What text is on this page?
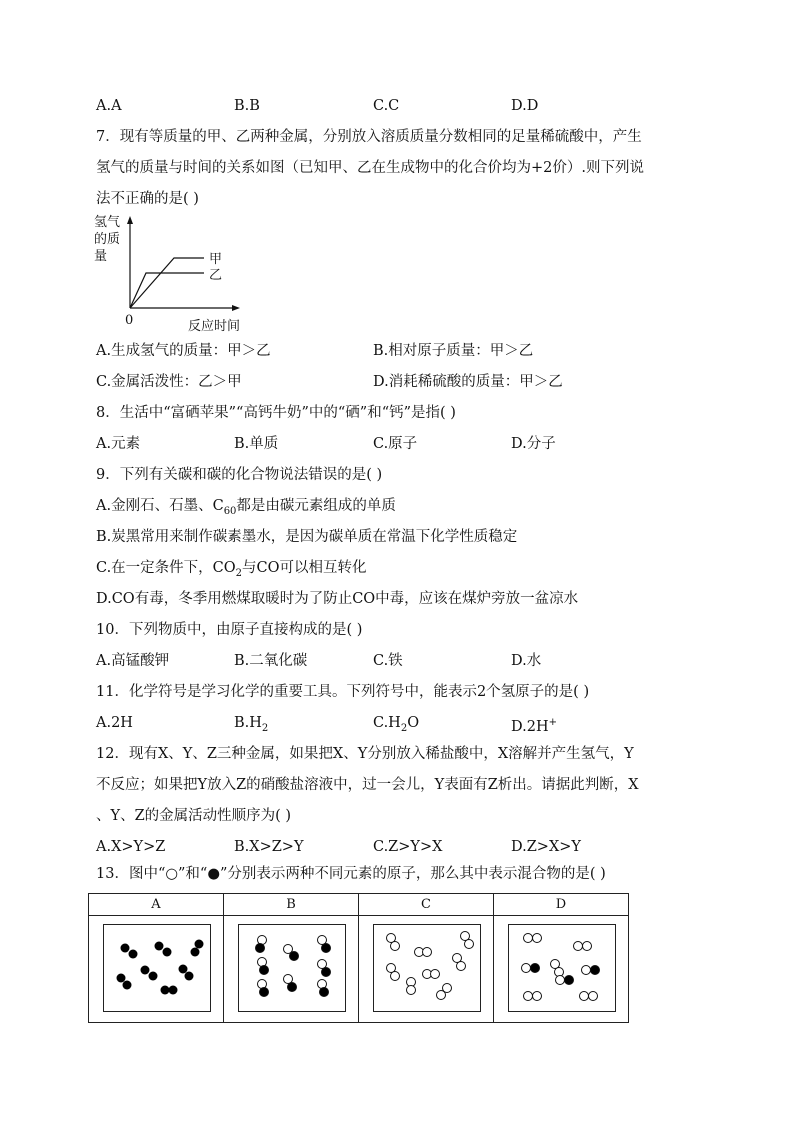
A.A	B.B	C.C	D.D
7．现有等质量的甲、乙两种金属，分别放入溶质质量分数相同的足量稀硫酸中，产生
氢气的质量与时间的关系如图（已知甲、乙在生成物中的化合价均为+2价）.则下列说
法不正确的是( )
氢气
的质
量	甲
乙
0	反应时间
A.生成氢气的质量：甲＞乙	B.相对原子质量：甲＞乙
C.金属活泼性：乙＞甲	D.消耗稀硫酸的质量：甲＞乙
8．生活中“富硒苹果”“高钙牛奶”中的“硒”和“钙”是指( )
A.元素	B.单质	C.原子	D.分子
9．下列有关碳和碳的化合物说法错误的是( )
A.金刚石、石墨、$C_{60}$都是由碳元素组成的单质
B.炭黑常用来制作碳素墨水，是因为碳单质在常温下化学性质稳定
C.在一定条件下，$CO_2$与CO可以相互转化
D.CO有毒，冬季用燃煤取暖时为了防止CO中毒，应该在煤炉旁放一盆凉水
10．下列物质中，由原子直接构成的是( )
A.高锰酸钾	B.二氧化碳	C.铁	D.水
11．化学符号是学习化学的重要工具。下列符号中，能表示2个氢原子的是( )
A.2H	$B.H_2$	$C.H_2O$	D.2H+
12．现有X、Y、Z三种金属，如果把X、Y分别放入稀盐酸中，X溶解并产生氢气，Y
不反应；如果把Y放入Z的硝酸盐溶液中，过一会儿，Y表面有Z析出。请据此判断，X
、Y、Z的金属活动性顺序为( )
A.X>Y>Z	B.X>Z>Y	C.Z>Y>X	D.Z>X>Y
13．图中“○”和“●”分别表示两种不同元素的原子，那么其中表示混合物的是( )
A	B	C	D
